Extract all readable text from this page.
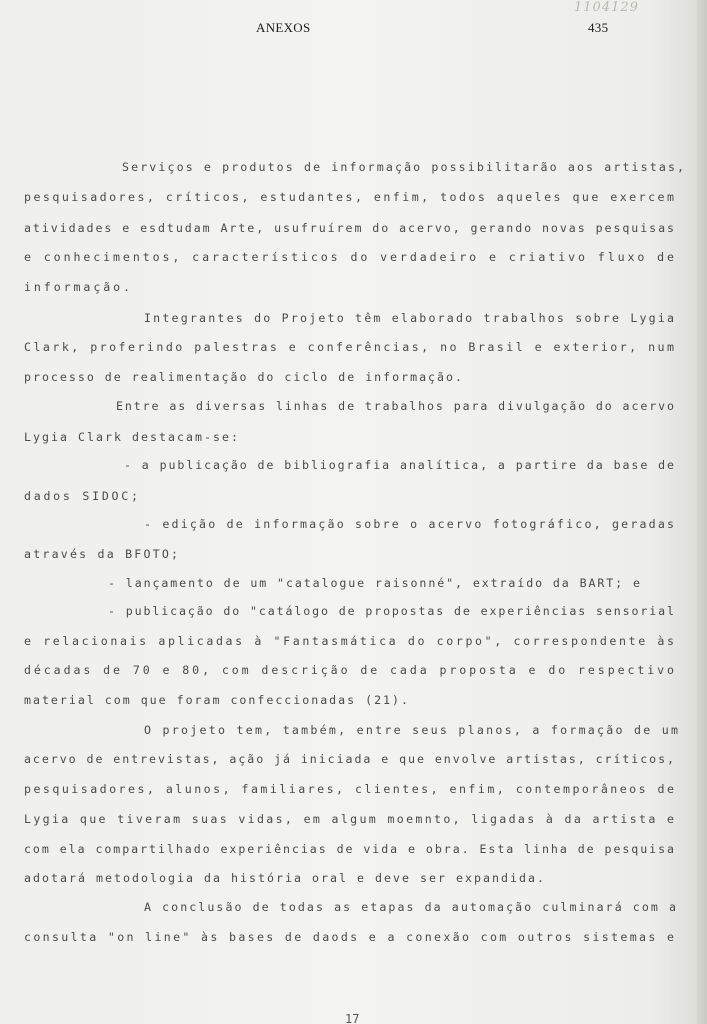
ANEXOS	435
1104129
Serviços e produtos de informação possibilitarão aos artistas,
pesquisadores, críticos, estudantes, enfim, todos aqueles que exercem
atividades e esdtudam Arte, usufruírem do acervo, gerando novas pesquisas
e conhecimentos, característicos do verdadeiro e criativo fluxo de
informação.
Integrantes do Projeto têm elaborado trabalhos sobre Lygia
Clark, proferindo palestras e conferências, no Brasil e exterior, num
processo de realimentação do ciclo de informação.
Entre as diversas linhas de trabalhos para divulgação do acervo
Lygia Clark destacam-se:
- a publicação de bibliografia analítica, a partire da base de
dados SIDOC;
- edição de informação sobre o acervo fotográfico, geradas
através da BFOTO;
- lançamento de um "catalogue raisonné", extraído da BART; e
- publicação do "catálogo de propostas de experiências sensorial
e relacionais aplicadas à "Fantasmática do corpo", correspondente às
décadas de 70 e 80, com descrição de cada proposta e do respectivo
material com que foram confeccionadas (21).
O projeto tem, também, entre seus planos, a formação de um
acervo de entrevistas, ação já iniciada e que envolve artistas, críticos,
pesquisadores, alunos, familiares, clientes, enfim, contemporâneos de
Lygia que tiveram suas vidas, em algum moemnto, ligadas à da artista e
com ela compartilhado experiências de vida e obra. Esta linha de pesquisa
adotará metodologia da história oral e deve ser expandida.
A conclusão de todas as etapas da automação culminará com a
consulta "on line" às bases de daods e a conexão com outros sistemas e
17
